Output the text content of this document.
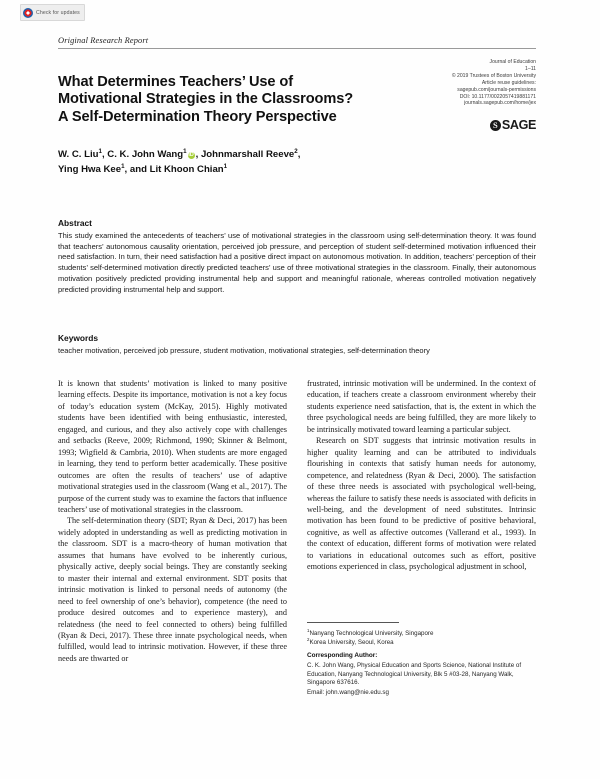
Check for updates
Original Research Report
What Determines Teachers’ Use of
Motivational Strategies in the Classrooms?
A Self-Determination Theory Perspective
Journal of Education
1–11
© 2019 Trustees of Boston University
Article reuse guidelines:
sagepub.com/journals-permissions
DOI: 10.1177/0022057419881171
journals.sagepub.com/home/jex
S SAGE
W. C. Liu$^1$, C. K. John Wang$^1$iD , Johnmarshall Reeve$^2$,
Ying Hwa Kee$^1$, and Lit Khoon Chian$^1$
Abstract
This study examined the antecedents of teachers’ use of motivational strategies in the classroom using self-determination theory. It was found that teachers’ autonomous causality orientation, perceived job pressure, and perception of student self-determined motivation influenced their need satisfaction. In turn, their need satisfaction had a positive direct impact on autonomous motivation. In addition, teachers’ perception of their students’ self-determined motivation directly predicted teachers’ use of three motivational strategies in the classroom. Finally, their autonomous motivation positively predicted providing instrumental help and support and meaningful rationale, whereas controlled motivation negatively predicted providing instrumental help and support.
Keywords
teacher motivation, perceived job pressure, student motivation, motivational strategies, self-determination theory

It is known that students’ motivation is linked to many positive learning effects. Despite its importance, motivation is not a key focus of today’s education system (McKay, 2015). Highly motivated students have been identified with being enthusiastic, interested, engaged, and curious, and they also actively cope with challenges and setbacks (Reeve, 2009; Richmond, 1990; Skinner & Belmont, 1993; Wigfield & Cambria, 2010). When students are more engaged in learning, they tend to perform better academically. These positive outcomes are often the results of teachers’ use of adaptive motivational strategies used in the classroom (Wang et al., 2017). The purpose of the current study was to examine the factors that influence teachers’ use of motivational strategies in the classroom.

The self-determination theory (SDT; Ryan & Deci, 2017) has been widely adopted in understanding as well as predicting motivation in the classroom. SDT is a macro-theory of human motivation that assumes that humans have evolved to be inherently curious, physically active, deeply social beings. They are constantly seeking to master their internal and external environment. SDT posits that intrinsic motivation is linked to personal needs of autonomy (the need to feel ownership of one’s behavior), competence (the need to produce desired outcomes and to experience mastery), and relatedness (the need to feel connected to others) being fulfilled (Ryan & Deci, 2017). These three innate psychological needs, when fulfilled, would lead to intrinsic motivation. However, if these three needs are thwarted or

frustrated, intrinsic motivation will be undermined. In the context of education, if teachers create a classroom environment whereby their students experience need satisfaction, that is, the extent in which the three psychological needs are being fulfilled, they are more likely to be intrinsically motivated toward learning a particular subject.

Research on SDT suggests that intrinsic motivation results in higher quality learning and can be attributed to individuals flourishing in contexts that satisfy human needs for autonomy, competence, and relatedness (Ryan & Deci, 2000). The satisfaction of these three needs is associated with psychological well-being, whereas the failure to satisfy these needs is associated with deficits in well-being, and the development of need substitutes. Intrinsic motivation has been found to be predictive of positive behavioral, cognitive, as well as affective outcomes (Vallerand et al., 1993). In the context of education, different forms of motivation were related to variations in educational outcomes such as effort, positive emotions experienced in class, psychological adjustment in school,

$^1$Nanyang Technological University, Singapore
$^2$Korea University, Seoul, Korea
Corresponding Author:
C. K. John Wang, Physical Education and Sports Science, National Institute of Education, Nanyang Technological University, Blk 5 #03-28, Nanyang Walk, Singapore 637616.
Email: john.wang@nie.edu.sg
